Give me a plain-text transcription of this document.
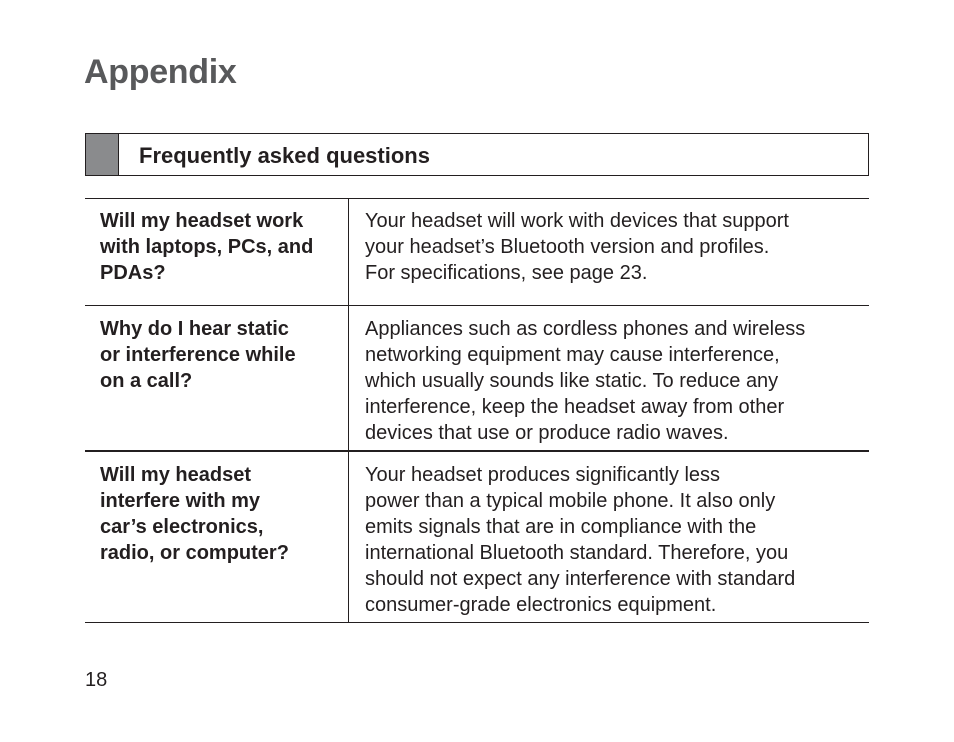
Appendix
Frequently asked questions
Will my headset work
with laptops, PCs, and
PDAs?
Your headset will work with devices that support
your headset’s Bluetooth version and profiles.
For specifications, see page 23.
Why do I hear static
or interference while
on a call?
Appliances such as cordless phones and wireless
networking equipment may cause interference,
which usually sounds like static. To reduce any
interference, keep the headset away from other
devices that use or produce radio waves.
Will my headset
interfere with my
car’s electronics,
radio, or computer?
Your headset produces significantly less
power than a typical mobile phone. It also only
emits signals that are in compliance with the
international Bluetooth standard. Therefore, you
should not expect any interference with standard
consumer-grade electronics equipment.
18
